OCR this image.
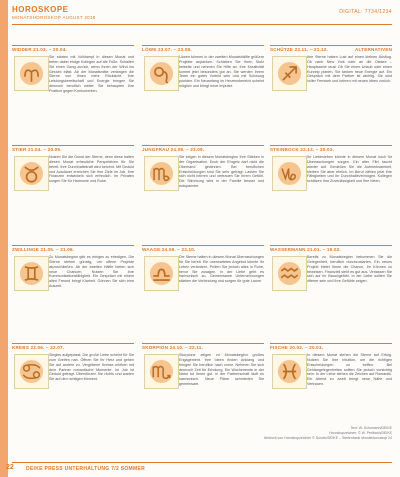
HOROSKOPE
MONATSHOROSKOP AUGUST 2016
DIGITAL: 7734/1234
WIDDER 21.03. – 20.04.
Sie starten mit Volldampf in diesen Monat und treten dabei einige Kollegen auf die Füße. Schalten Sie einen Gang zurück, wenn Ihnen der Wind ins Gesicht bläst. Ab der Monatsmitte verlangen die Sterne von Ihnen mehr Rücksicht. Ihre Leistungsbereitschaft und Energie bringen Sie dennoch beruflich weiter. Sie behaupten Ihre Position gegen Konkurrenten.
LÖWE 23.07. – 23.08.
Löwen können in der zweiten Monatshälfte größere Projekte anpacken. Schieben Sie Ihren Stolz beiseite und nehmen Sie Hilfe an. Ihre Kreativität kommt jetzt besonders gut an. Sie werden Ihrem Team ein gutes Vorbild sein und mit Schwung punkten. Ein Neuanfang im Herzensbereich scheint möglich und bringt neue Impulse.
SCHÜTZE 23.11. – 21.12.
Ihre Sterne haben Lust auf einen kleinen Ausflug. Ob nach New York oder an die Ostsee – Hauptsache raus! Ob Sie einen Urlaub oder einen Kurztrip planen, Sie tanken neue Energie auf. Ein Gespräch mit dem Partner ist wichtig. Sie sind voller Fernweh und kehren mit neuen Ideen zurück.
STIER 21.04. – 20.05.
Nutzen Sie die Gunst der Sterne, denn diese halten diesen Monat erfreuliche Perspektiven für Sie bereit. Ihre Durchhaltekraft wird belohnt. Mit Geduld und Ausdauer erreichen Sie Ihre Ziele im Job. Ihre Finanzen entwickeln sich erfreulich. Im Privaten sorgen Sie für Harmonie und Ruhe.
JUNGFRAU 24.08. – 23.09.
Sie zeigen in diesem Monatsbeginn Ihre Stärken in der Organisation. Doch der Ehrgeiz darf nicht die Oberhand gewinnen. Bei beruflichen Entscheidungen sind Sie sehr gefragt. Lassen Sie sich nicht beirren und vertrauen Sie Ihrem Gefühl. Die Stimmung wird in der Familie besser und entspannter.
STEINBOCK 22.12. – 20.01.
Ihr Liebesleben könnte in diesem Monat noch für Überraschungen sorgen. Ein alter Flirt taucht wieder auf. Genießen Sie die Aufmerksamkeit, bleiben Sie aber ehrlich. Im Beruf zählen jetzt Ihre Fähigkeiten und Ihr Durchhaltevermögen. Kollegen schätzen Ihre Zuverlässigkeit und Ihre Ideen.
ZWILLINGE 21.05. – 21.06.
Zu Monatsbeginn gibt es einiges zu erledigen. Die Sterne stehen günstig, um offene Projekte abzuschließen. Ab der zweiten Hälfte bieten sich neue Chancen. Nutzen Sie Ihre Kommunikationsfähigkeit. Ein Gespräch mit einem alten Freund bringt Klarheit. Gönnen Sie sich eine Auszeit.
WAAGE 24.09. – 23.10.
Die Sterne halten in diesem Monat Überraschungen für Sie bereit. Ein unerwartetes Angebot könnte Ihr Leben verändern. Prüfen Sie jedoch alles in Ruhe, bevor Sie zusagen. In der Liebe geht es harmonisch zu. Gemeinsame Unternehmungen stärken die Verbindung und sorgen für gute Laune.
WASSERMANN 21.01. – 19.02.
Bereits zu Monatsbeginn bekommen Sie die Gelegenheit, beruflich durchzustarten. Ein neues Projekt bietet Ihnen die Chance, Ihr Können zu beweisen. Finanziell sieht es gut aus. Verlassen Sie sich auf Ihr Bauchgefühl. In der Liebe sollten Sie offener sein und Ihre Gefühle zeigen.
KREBS 22.06. – 22.07.
Singles aufgepasst: Die große Liebe scheint für Sie zum Greifen nah. Öffnen Sie Ihr Herz und gehen Sie auf andere zu. Vergebene Krebse erleben mit dem Partner romantische Momente. Im Job ist Geduld gefragt. Überstürzen Sie nichts und warten Sie auf den richtigen Moment.
SKORPION 24.10. – 22.11.
Skorpione zeigen zu Monatsbeginn großes Engagement. Ihre Ideen finden Anklang und bringen Sie beruflich nach vorne. Nehmen Sie sich dennoch Zeit für Erholung. Ein Wochenende in der Natur tut Ihnen gut. In der Partnerschaft läuft es harmonisch. Neue Pläne schmieden Sie gemeinsam.
FISCHE 20.02. – 20.03.
In diesem Monat stehen die Sterne auf Erfolg. Nutzen Sie Ihre Intuition, um die richtigen Entscheidungen zu treffen. Bei Geldangelegenheiten sollten Sie jedoch vorsichtig sein. In der Liebe stehen die Zeichen auf Romantik. Ein Abend zu zweit bringt neue Nähe und Vertrauen.
ALTERNATIVEN
Text: W. Schumann/DEIKE
Horoskopzeichen: © W. Perlbach/DEIKE
Abdruck von Horoskopzeichen © Sundio/DEIKE – Stellenbank Monatshoroskop 24
22 DEIKE PRESS UNTERHALTUNG 7/2 SOMMER
